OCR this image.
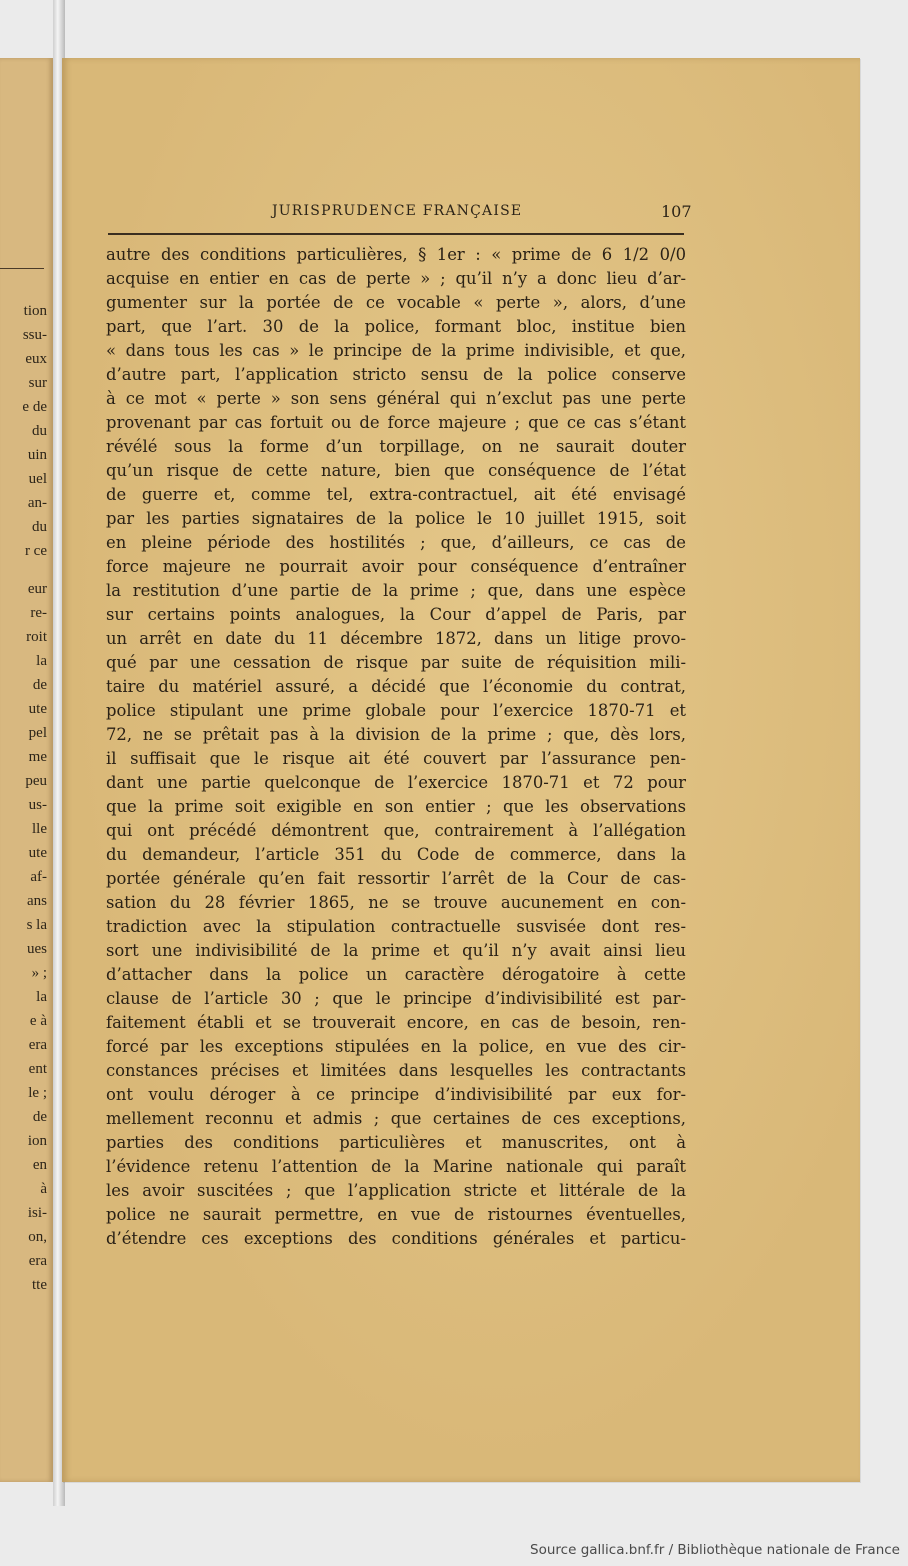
tion
ssu-
eux
sur
e de
du
uin
uel
an-
du
r ce
eur
re-
roit
la
de
ute
pel
me
peu
us-
lle
ute
af-
ans
s la
ues
» ;
la
e à
era
ent
le ;
de
ion
en
à
isi-
on,
era
tte
JURISPRUDENCE FRANÇAISE	107
autre des conditions particulières, § 1er : « prime de 6 1/2 0/0
acquise en entier en cas de perte » ; qu’il n’y a donc lieu d’ar-
gumenter sur la portée de ce vocable « perte », alors, d’une
part, que l’art. 30 de la police, formant bloc, institue bien
« dans tous les cas » le principe de la prime indivisible, et que,
d’autre part, l’application stricto sensu de la police conserve
à ce mot « perte » son sens général qui n’exclut pas une perte
provenant par cas fortuit ou de force majeure ; que ce cas s’étant
révélé sous la forme d’un torpillage, on ne saurait douter
qu’un risque de cette nature, bien que conséquence de l’état
de guerre et, comme tel, extra-contractuel, ait été envisagé
par les parties signataires de la police le 10 juillet 1915, soit
en pleine période des hostilités ; que, d’ailleurs, ce cas de
force majeure ne pourrait avoir pour conséquence d’entraîner
la restitution d’une partie de la prime ; que, dans une espèce
sur certains points analogues, la Cour d’appel de Paris, par
un arrêt en date du 11 décembre 1872, dans un litige provo-
qué par une cessation de risque par suite de réquisition mili-
taire du matériel assuré, a décidé que l’économie du contrat,
police stipulant une prime globale pour l’exercice 1870-71 et
72, ne se prêtait pas à la division de la prime ; que, dès lors,
il suffisait que le risque ait été couvert par l’assurance pen-
dant une partie quelconque de l’exercice 1870-71 et 72 pour
que la prime soit exigible en son entier ; que les observations
qui ont précédé démontrent que, contrairement à l’allégation
du demandeur, l’article 351 du Code de commerce, dans la
portée générale qu’en fait ressortir l’arrêt de la Cour de cas-
sation du 28 février 1865, ne se trouve aucunement en con-
tradiction avec la stipulation contractuelle susvisée dont res-
sort une indivisibilité de la prime et qu’il n’y avait ainsi lieu
d’attacher dans la police un caractère dérogatoire à cette
clause de l’article 30 ; que le principe d’indivisibilité est par-
faitement établi et se trouverait encore, en cas de besoin, ren-
forcé par les exceptions stipulées en la police, en vue des cir-
constances précises et limitées dans lesquelles les contractants
ont voulu déroger à ce principe d’indivisibilité par eux for-
mellement reconnu et admis ; que certaines de ces exceptions,
parties des conditions particulières et manuscrites, ont à
l’évidence retenu l’attention de la Marine nationale qui paraît
les avoir suscitées ; que l’application stricte et littérale de la
police ne saurait permettre, en vue de ristournes éventuelles,
d’étendre ces exceptions des conditions générales et particu-
Source gallica.bnf.fr / Bibliothèque nationale de France
